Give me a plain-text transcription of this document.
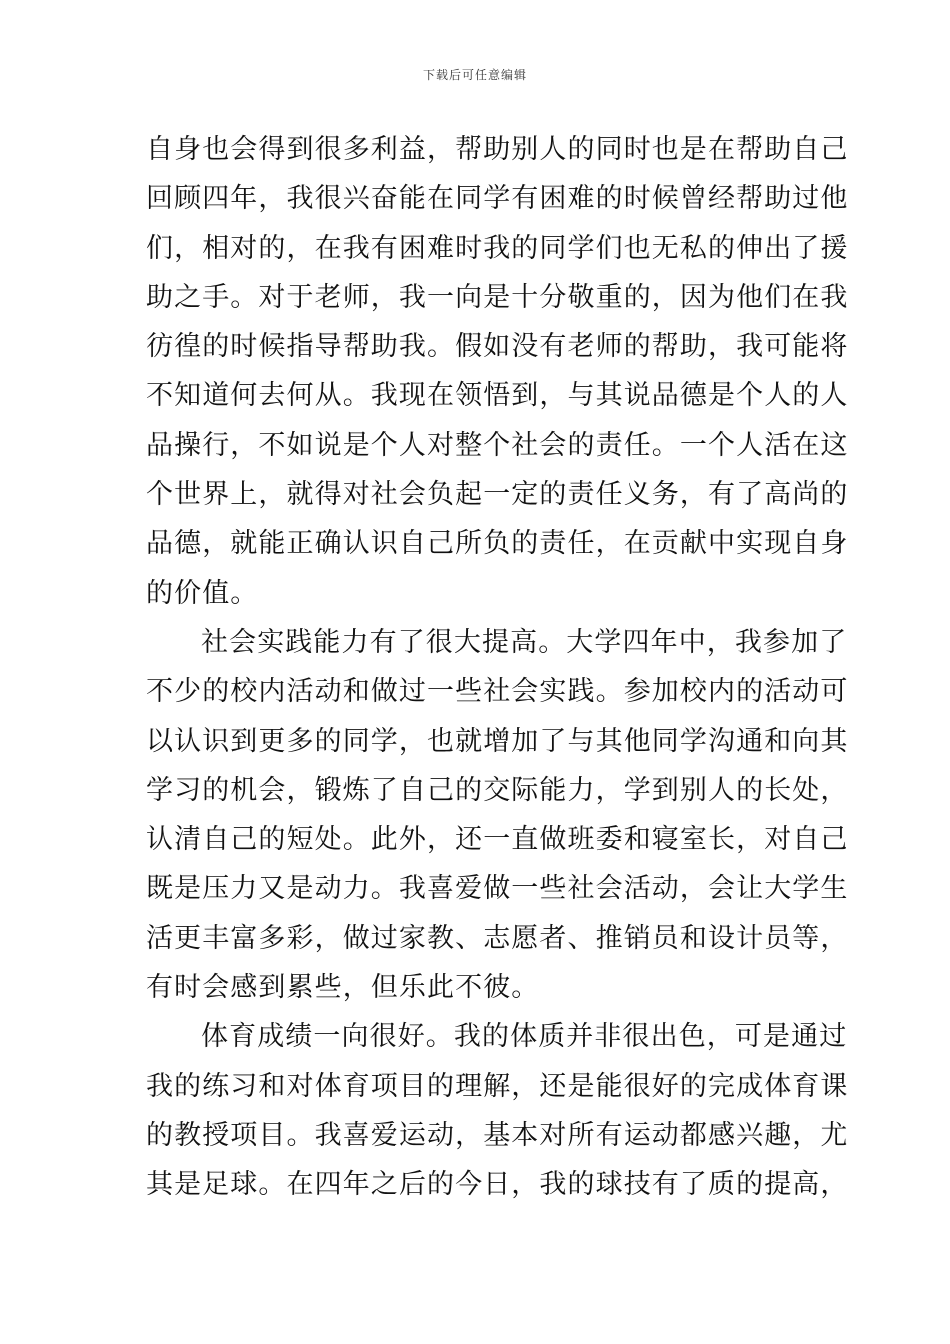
下载后可任意编辑
自身也会得到很多利益，帮助别人的同时也是在帮助自己
回顾四年，我很兴奋能在同学有困难的时候曾经帮助过他
们，相对的，在我有困难时我的同学们也无私的伸出了援
助之手。对于老师，我一向是十分敬重的，因为他们在我
彷徨的时候指导帮助我。假如没有老师的帮助，我可能将
不知道何去何从。我现在领悟到，与其说品德是个人的人
品操行，不如说是个人对整个社会的责任。一个人活在这
个世界上，就得对社会负起一定的责任义务，有了高尚的
品德，就能正确认识自己所负的责任，在贡献中实现自身
的价值。
社会实践能力有了很大提高。大学四年中，我参加了
不少的校内活动和做过一些社会实践。参加校内的活动可
以认识到更多的同学，也就增加了与其他同学沟通和向其
学习的机会，锻炼了自己的交际能力，学到别人的长处，
认清自己的短处。此外，还一直做班委和寝室长，对自己
既是压力又是动力。我喜爱做一些社会活动，会让大学生
活更丰富多彩，做过家教、志愿者、推销员和设计员等，
有时会感到累些，但乐此不彼。
体育成绩一向很好。我的体质并非很出色，可是通过
我的练习和对体育项目的理解，还是能很好的完成体育课
的教授项目。我喜爱运动，基本对所有运动都感兴趣，尤
其是足球。在四年之后的今日，我的球技有了质的提高，
